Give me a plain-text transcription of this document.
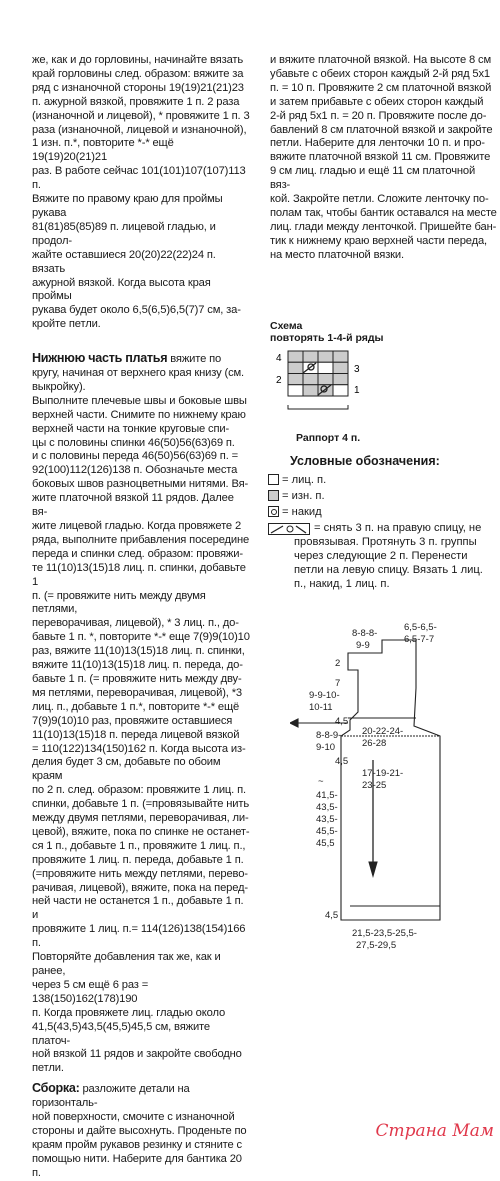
же, как и до горловины, начинайте вязать

край горловины след. образом: вяжите за

ряд с изнаночной стороны 19(19)21(21)23

п. ажурной вязкой, провяжите 1 п. 2 раза

(изнаночной и лицевой), * провяжите 1 п. 3

раза (изнаночной, лицевой и изнаночной),

1 изн. п.*, повторите *-* ещё 19(19)20(21)21

раз. В работе сейчас 101(101)107(107)113 п.

Вяжите по правому краю для проймы рукава

81(81)85(85)89 п. лицевой гладью, и продол-

жайте оставшиеся 20(20)22(22)24 п. вязать

ажурной вязкой. Когда высота края проймы

рукава будет около 6,5(6,5)6,5(7)7 см, за-

кройте петли.

Нижнюю часть платья вяжите по кругу, начиная от верхнего края книзу (см. выкройку).

Выполните плечевые швы и боковые швы

верхней части. Снимите по нижнему краю

верхней части на тонкие круговые спи-

цы с половины спинки 46(50)56(63)69 п.

и с половины переда 46(50)56(63)69 п. =

92(100)112(126)138 п. Обозначьте места

боковых швов разноцветными нитями. Вя-

жите платочной вязкой 11 рядов. Далее вя-

жите лицевой гладью. Когда провяжете 2

ряда, выполните прибавления посередине

переда и спинки след. образом: провяжи-

те 11(10)13(15)18 лиц. п. спинки, добавьте 1

п. (= провяжите нить между двумя петлями,

переворачивая, лицевой), * 3 лиц. п., до-

бавьте 1 п. *, повторите *-* еще 7(9)9(10)10

раз, вяжите 11(10)13(15)18 лиц. п. спинки,

вяжите 11(10)13(15)18 лиц. п. переда, до-

бавьте 1 п. (= провяжите нить между дву-

мя петлями, переворачивая, лицевой), *3

лиц. п., добавьте 1 п.*, повторите *-* ещё

7(9)9(10)10 раз, провяжите оставшиеся

11(10)13(15)18 п. переда лицевой вязкой

= 110(122)134(150)162 п. Когда высота из-

делия будет 3 см, добавьте по обоим краям

по 2 п. след. образом: провяжите 1 лиц. п.

спинки, добавьте 1 п. (=провязывайте нить

между двумя петлями, переворачивая, ли-

цевой), вяжите, пока по спинке не останет-

ся 1 п., добавьте 1 п., провяжите 1 лиц. п.,

провяжите 1 лиц. п. переда, добавьте 1 п.

(=провяжите нить между петлями, перево-

рачивая, лицевой), вяжите, пока на перед-

ней части не останется 1 п., добавьте 1 п. и

провяжите 1 лиц. п.= 114(126)138(154)166 п.

Повторяйте добавления так же, как и ранее,

через 5 см ещё 6 раз = 138(150)162(178)190

п. Когда провяжете лиц. гладью около

41,5(43,5)43,5(45,5)45,5 см, вяжите платоч-

ной вязкой 11 рядов и закройте свободно

петли.

Сборка: разложите детали на горизонталь-

ной поверхности, смочите с изнаночной

стороны и дайте высохнуть. Проденьте по

краям пройм рукавов резинку и стяните с

помощью нити. Наберите для бантика 20 п.

и вяжите платочной вязкой. На высоте 8 см

убавьте с обеих сторон каждый 2-й ряд 5х1

п. = 10 п. Провяжите 2 см платочной вязкой

и затем прибавьте с обеих сторон каждый

2-й ряд 5х1 п. = 20 п. Провяжите после до-

бавлений 8 см платочной вязкой и закройте

петли. Наберите для ленточки 10 п. и про-

вяжите платочной вязкой 11 см. Провяжите

9 см лиц. гладью и ещё 11 см платочной вяз-

кой. Закройте петли. Сложите ленточку по-

полам так, чтобы бантик оставался на месте

лиц. глади между ленточкой. Пришейте бан-

тик к нижнему краю верхней части переда,

на место платочной вязки.

Схема
повторять 1-4-й ряды
4
2
3
1
Раппорт 4 п.
Условные обозначения:
= лиц. п.
= изн. п.
= накид
= снять 3 п. на правую спицу, не

провязывая. Протянуть 3 п. группы

через следующие 2 п. Перенести

петли на левую спицу. Вязать 1 лиц.

п., накид, 1 лиц. п.

8-8-8-
9-9
6,5-6,5-
6,5-7-7
2
7
9-9-10-
10-11
4,5
8-8-9-
9-10
20-22-24-
26-28
4,5
17-19-21-
23-25
~
41,5-
43,5-
43,5-
45,5-
45,5
4,5
21,5-23,5-25,5-
27,5-29,5
Страна Мам
